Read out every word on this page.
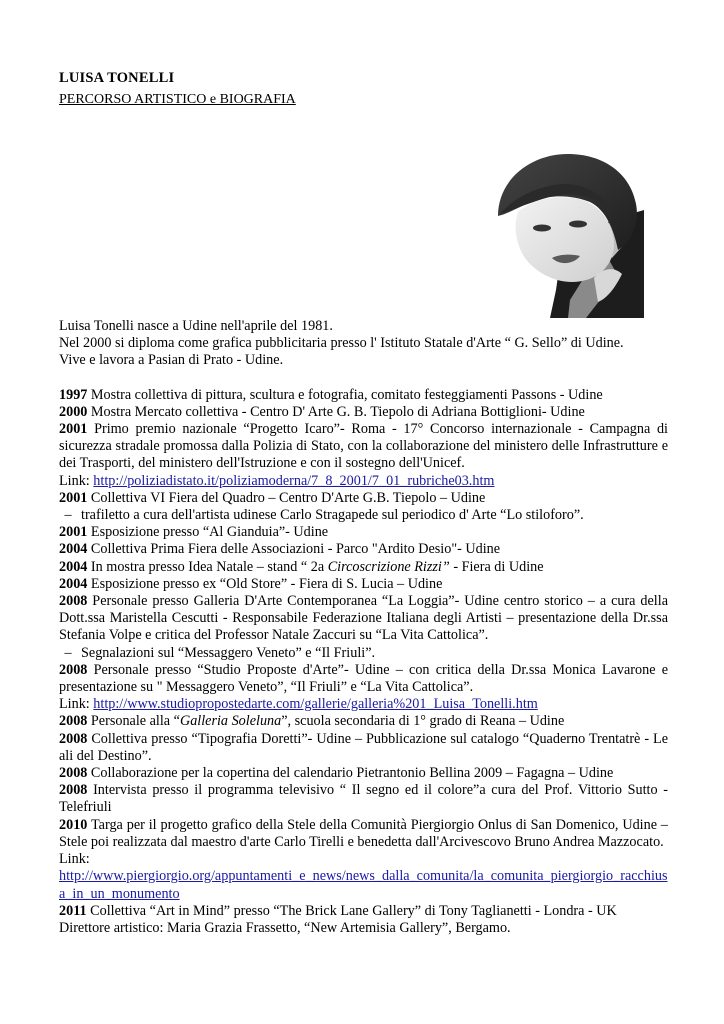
LUISA TONELLI
PERCORSO ARTISTICO e BIOGRAFIA

Luisa Tonelli nasce a Udine nell'aprile del 1981.

Nel 2000 si diploma come grafica pubblicitaria presso l' Istituto Statale d'Arte “ G. Sello” di Udine.

Vive e lavora a Pasian di Prato - Udine.

1997 Mostra collettiva di pittura, scultura e fotografia, comitato festeggiamenti Passons - Udine

2000 Mostra Mercato collettiva - Centro D' Arte G. B. Tiepolo di Adriana Bottiglioni- Udine

2001 Primo premio nazionale “Progetto Icaro”- Roma - 17° Concorso internazionale - Campagna di sicurezza stradale promossa dalla Polizia di Stato, con la collaborazione del ministero delle Infrastrutture e dei Trasporti, del ministero dell'Istruzione e con il sostegno dell'Unicef.

Link: http://poliziadistato.it/poliziamoderna/7_8_2001/7_01_rubriche03.htm

2001 Collettiva VI Fiera del Quadro – Centro D'Arte G.B. Tiepolo – Udine

– trafiletto a cura dell'artista udinese Carlo Stragapede sul periodico d' Arte “Lo stiloforo”.

2001 Esposizione presso “Al Gianduia”- Udine

2004 Collettiva Prima Fiera delle Associazioni - Parco "Ardito Desio"- Udine

2004 In mostra presso Idea Natale – stand “ 2a Circoscrizione Rizzi” - Fiera di Udine

2004 Esposizione presso ex “Old Store” - Fiera di S. Lucia – Udine

2008 Personale presso Galleria D'Arte Contemporanea “La Loggia”- Udine centro storico – a cura della Dott.ssa Maristella Cescutti - Responsabile Federazione Italiana degli Artisti – presentazione della Dr.ssa Stefania Volpe e critica del Professor Natale Zaccuri su “La Vita Cattolica”.

– Segnalazioni sul “Messaggero Veneto” e “Il Friuli”.

2008 Personale presso “Studio Proposte d'Arte”- Udine – con critica della Dr.ssa Monica Lavarone e presentazione su " Messaggero Veneto”, “Il Friuli” e “La Vita Cattolica”.

Link: http://www.studiopropostedarte.com/gallerie/galleria%201_Luisa_Tonelli.htm

2008 Personale alla “Galleria Soleluna”, scuola secondaria di 1° grado di Reana – Udine

2008 Collettiva presso “Tipografia Doretti”- Udine – Pubblicazione sul catalogo “Quaderno Trentatrè - Le ali del Destino”.

2008 Collaborazione per la copertina del calendario Pietrantonio Bellina 2009 – Fagagna – Udine

2008 Intervista presso il programma televisivo “ Il segno ed il colore”a cura del Prof. Vittorio Sutto - Telefriuli

2010 Targa per il progetto grafico della Stele della Comunità Piergiorgio Onlus di San Domenico, Udine – Stele poi realizzata dal maestro d'arte Carlo Tirelli e benedetta dall'Arcivescovo Bruno Andrea Mazzocato.

Link:

http://www.piergiorgio.org/appuntamenti_e_news/news_dalla_comunita/la_comunita_piergiorgio_racchiusa_in_un_monumento

2011 Collettiva “Art in Mind” presso “The Brick Lane Gallery” di Tony Taglianetti - Londra - UK

Direttore artistico: Maria Grazia Frassetto, “New Artemisia Gallery”, Bergamo.
